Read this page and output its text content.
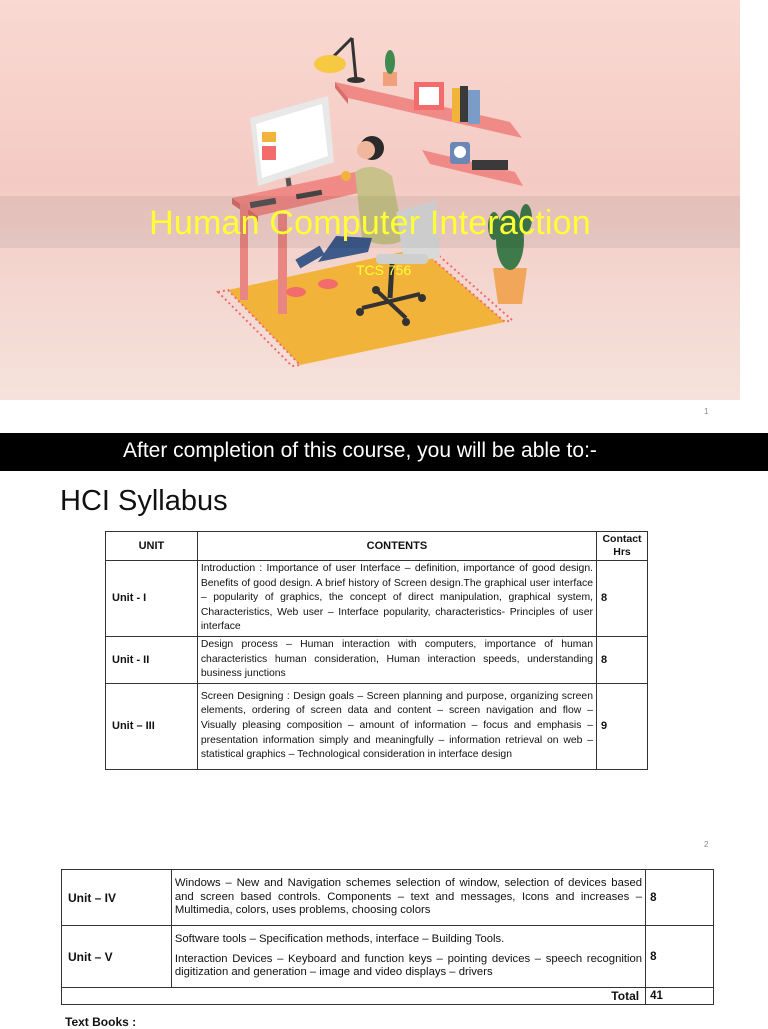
Human Computer Interaction
TCS 756
1
After completion of this course, you will be able to:-
HCI Syllabus
UNIT	CONTENTS	Contact Hrs
Unit - I	Introduction : Importance of user Interface – definition, importance of good design. Benefits of good design. A brief history of Screen design.The graphical user interface – popularity of graphics, the concept of direct manipulation, graphical system, Characteristics, Web user – Interface popularity, characteristics- Principles of user interface	8
Unit - II	Design process – Human interaction with computers, importance of human characteristics human consideration, Human interaction speeds, understanding business junctions	8
Unit – III	Screen Designing : Design goals – Screen planning and purpose, organizing screen elements, ordering of screen data and content – screen navigation and flow – Visually pleasing composition – amount of information – focus and emphasis – presentation information simply and meaningfully – information retrieval on web – statistical graphics – Technological consideration in interface design	9
2
Unit – IV	Windows – New and Navigation schemes selection of window, selection of devices based and screen based controls. Components – text and messages, Icons and increases – Multimedia, colors, uses problems, choosing colors	8
Unit – V	Software tools – Specification methods, interface – Building Tools.

Interaction Devices – Keyboard and function keys – pointing devices – speech recognition digitization and generation – image and video displays – drivers	8
Total		41
Text Books :
